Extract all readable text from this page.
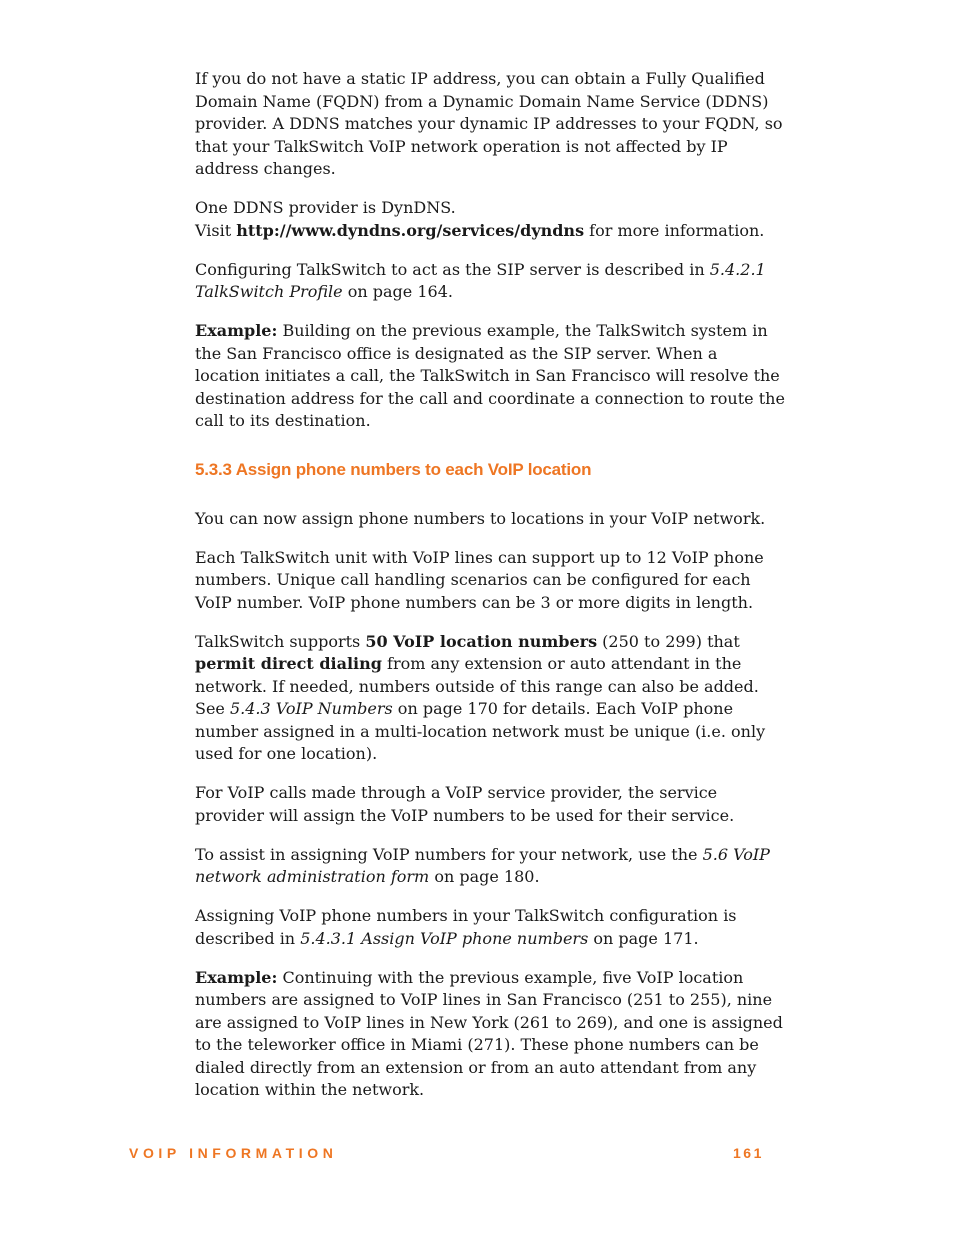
If you do not have a static IP address, you can obtain a Fully Qualified Domain Name (FQDN) from a Dynamic Domain Name Service (DDNS) provider. A DDNS matches your dynamic IP addresses to your FQDN, so that your TalkSwitch VoIP network operation is not affected by IP address changes.

One DDNS provider is DynDNS.
Visit http://www.dyndns.org/services/dyndns for more information.

Configuring TalkSwitch to act as the SIP server is described in 5.4.2.1 TalkSwitch Profile on page 164.

Example: Building on the previous example, the TalkSwitch system in the San Francisco office is designated as the SIP server. When a location initiates a call, the TalkSwitch in San Francisco will resolve the destination address for the call and coordinate a connection to route the call to its destination.

5.3.3 Assign phone numbers to each VoIP location

You can now assign phone numbers to locations in your VoIP network.

Each TalkSwitch unit with VoIP lines can support up to 12 VoIP phone numbers. Unique call handling scenarios can be configured for each VoIP number. VoIP phone numbers can be 3 or more digits in length.

TalkSwitch supports 50 VoIP location numbers (250 to 299) that permit direct dialing from any extension or auto attendant in the network. If needed, numbers outside of this range can also be added. See 5.4.3 VoIP Numbers on page 170 for details. Each VoIP phone number assigned in a multi-location network must be unique (i.e. only used for one location).

For VoIP calls made through a VoIP service provider, the service provider will assign the VoIP numbers to be used for their service.

To assist in assigning VoIP numbers for your network, use the 5.6 VoIP network administration form on page 180.

Assigning VoIP phone numbers in your TalkSwitch configuration is described in 5.4.3.1 Assign VoIP phone numbers on page 171.

Example: Continuing with the previous example, five VoIP location numbers are assigned to VoIP lines in San Francisco (251 to 255), nine are assigned to VoIP lines in New York (261 to 269), and one is assigned to the teleworker office in Miami (271). These phone numbers can be dialed directly from an extension or from an auto attendant from any location within the network.

VOIP INFORMATION	161
